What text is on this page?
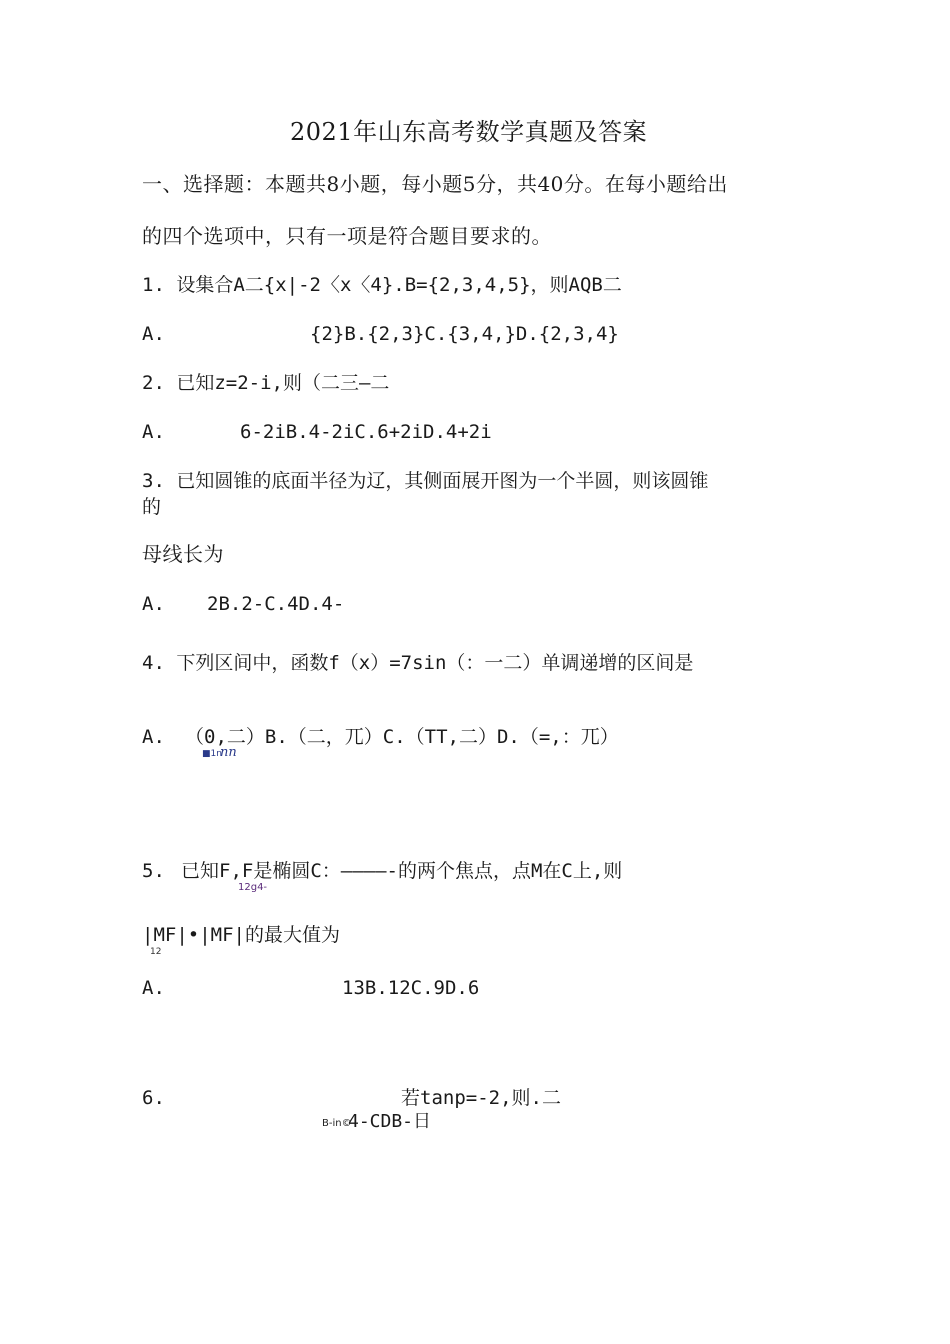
2021年山东高考数学真题及答案
一、选择题：本题共8小题，每小题5分，共40分。在每小题给出
的四个选项中，只有一项是符合题目要求的。
1. 设集合A二{x|-2〈x〈4}.B={2,3,4,5}，则AQB二
A.	{2}B.{2,3}C.{3,4,}D.{2,3,4}
2. 已知z=2-i,则（二三—二
A.	6-2iB.4-2iC.6+2iD.4+2i
3. 已知圆锥的底面半径为辽，其侧面展开图为一个半圆，则该圆锥
的
母线长为
A. 2B.2-C.4D.4-
4. 下列区间中，函数f（x）=7sin（：一二）单调递增的区间是
A. （0,二）B.（二，兀）C.（TT,二）D.（=,：兀）
■1n
nn
5. 已知F,F是椭圆C：————-的两个焦点，点M在C上,则
12g4-
|MF|•|MF|的最大值为
12
A.	13B.12C.9D.6
6.	若tanp=-2,则.二
B-in©
4-CDB-日
